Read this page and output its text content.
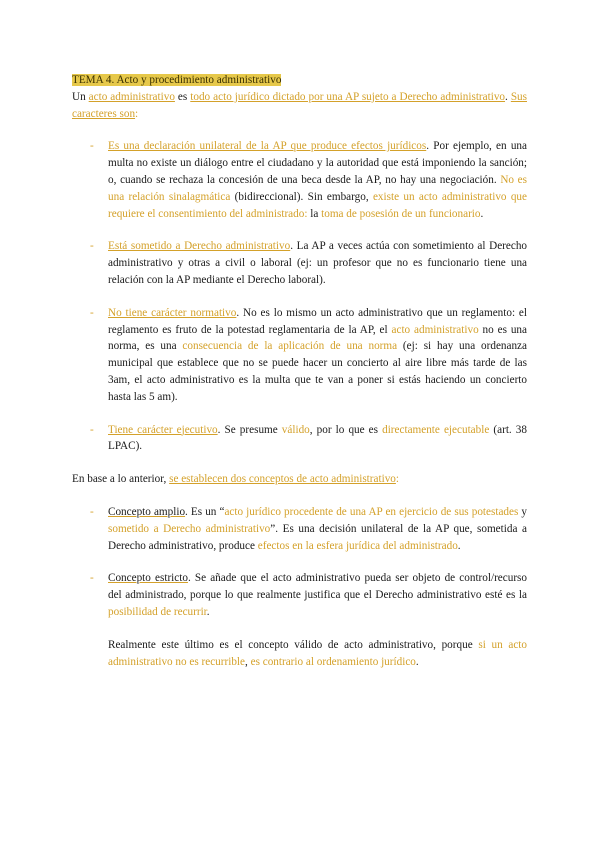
TEMA 4. Acto y procedimiento administrativo

Un acto administrativo es todo acto jurídico dictado por una AP sujeto a Derecho administrativo. Sus caracteres son:

- Es una declaración unilateral de la AP que produce efectos jurídicos. Por ejemplo, en una multa no existe un diálogo entre el ciudadano y la autoridad que está imponiendo la sanción; o, cuando se rechaza la concesión de una beca desde la AP, no hay una negociación. No es una relación sinalagmática (bidireccional). Sin embargo, existe un acto administrativo que requiere el consentimiento del administrado: la toma de posesión de un funcionario.
- Está sometido a Derecho administrativo. La AP a veces actúa con sometimiento al Derecho administrativo y otras a civil o laboral (ej: un profesor que no es funcionario tiene una relación con la AP mediante el Derecho laboral).
- No tiene carácter normativo. No es lo mismo un acto administrativo que un reglamento: el reglamento es fruto de la potestad reglamentaria de la AP, el acto administrativo no es una norma, es una consecuencia de la aplicación de una norma (ej: si hay una ordenanza municipal que establece que no se puede hacer un concierto al aire libre más tarde de las 3am, el acto administrativo es la multa que te van a poner si estás haciendo un concierto hasta las 5 am).
- Tiene carácter ejecutivo. Se presume válido, por lo que es directamente ejecutable (art. 38 LPAC).

En base a lo anterior, se establecen dos conceptos de acto administrativo:

- Concepto amplio. Es un “acto jurídico procedente de una AP en ejercicio de sus potestades y sometido a Derecho administrativo”. Es una decisión unilateral de la AP que, sometida a Derecho administrativo, produce efectos en la esfera jurídica del administrado.
- Concepto estricto. Se añade que el acto administrativo pueda ser objeto de control/recurso del administrado, porque lo que realmente justifica que el Derecho administrativo esté es la posibilidad de recurrir.

Realmente este último es el concepto válido de acto administrativo, porque si un acto administrativo no es recurrible, es contrario al ordenamiento jurídico.
